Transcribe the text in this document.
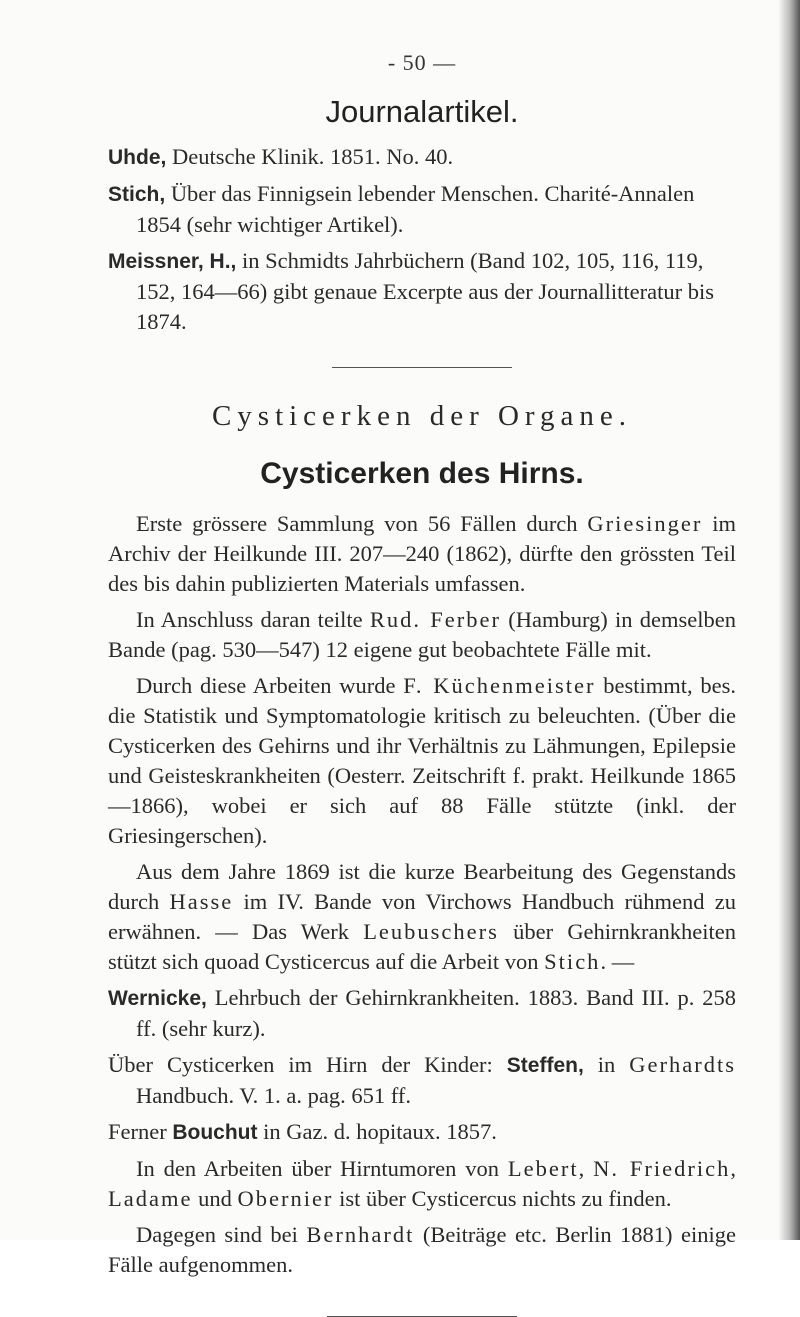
- 50 —
Journalartikel.
Uhde, Deutsche Klinik. 1851. No. 40.
Stich, Über das Finnigsein lebender Menschen. Charité-Annalen 1854 (sehr wichtiger Artikel).
Meissner, H., in Schmidts Jahrbüchern (Band 102, 105, 116, 119, 152, 164—66) gibt genaue Excerpte aus der Journallitteratur bis 1874.
Cysticerken der Organe.
Cysticerken des Hirns.

Erste grössere Sammlung von 56 Fällen durch Griesinger im Archiv der Heilkunde III. 207—240 (1862), dürfte den grössten Teil des bis dahin publizierten Materials umfassen.

In Anschluss daran teilte Rud. Ferber (Hamburg) in demselben Bande (pag. 530—547) 12 eigene gut beobachtete Fälle mit.

Durch diese Arbeiten wurde F. Küchenmeister bestimmt, bes. die Statistik und Symptomatologie kritisch zu beleuchten. (Über die Cysticerken des Gehirns und ihr Verhältnis zu Lähmungen, Epilepsie und Geisteskrankheiten (Oesterr. Zeitschrift f. prakt. Heilkunde 1865—1866), wobei er sich auf 88 Fälle stützte (inkl. der Griesingerschen).

Aus dem Jahre 1869 ist die kurze Bearbeitung des Gegenstands durch Hasse im IV. Bande von Virchows Handbuch rühmend zu erwähnen. — Das Werk Leubuschers über Gehirnkrankheiten stützt sich quoad Cysticercus auf die Arbeit von Stich. —

Wernicke, Lehrbuch der Gehirnkrankheiten. 1883. Band III. p. 258 ff. (sehr kurz).

Über Cysticerken im Hirn der Kinder: Steffen, in Gerhardts Handbuch. V. 1. a. pag. 651 ff.

Ferner Bouchut in Gaz. d. hopitaux. 1857.

In den Arbeiten über Hirntumoren von Lebert, N. Friedrich, Ladame und Obernier ist über Cysticercus nichts zu finden.

Dagegen sind bei Bernhardt (Beiträge etc. Berlin 1881) einige Fälle aufgenommen.
